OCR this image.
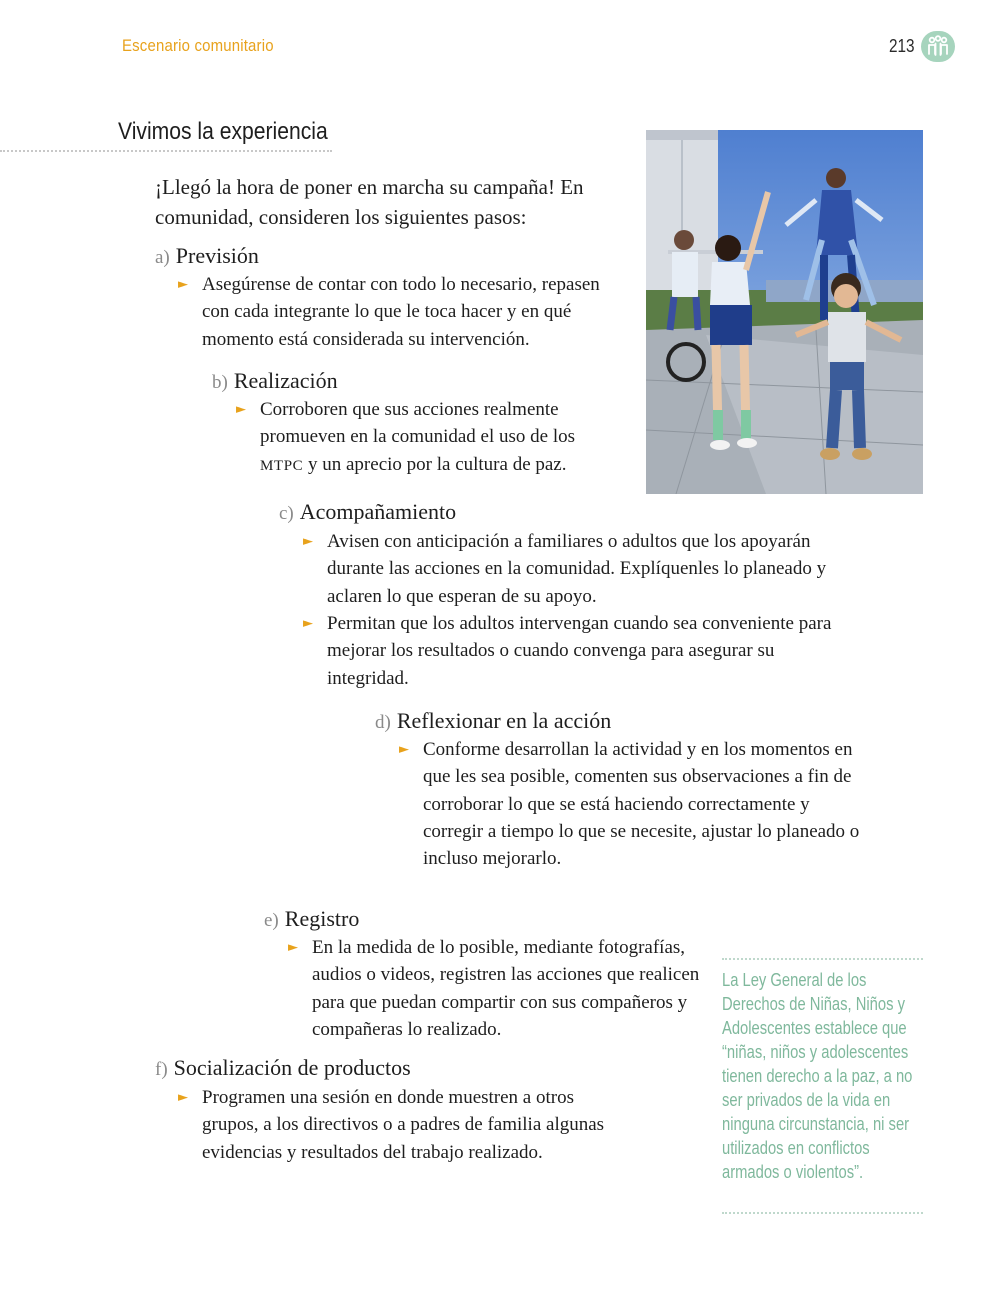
Escenario comunitario	213
Vivimos la experiencia
¡Llegó la hora de poner en marcha su campaña! En comunidad, consideren los siguientes pasos:
a) Previsión
► Asegúrense de contar con todo lo necesario, repasen con cada integrante lo que le toca hacer y en qué momento está considerada su intervención.
b) Realización
► Corroboren que sus acciones realmente promueven en la comunidad el uso de los MTPC y un aprecio por la cultura de paz.
c) Acompañamiento
► Avisen con anticipación a familiares o adultos que los apoyarán durante las acciones en la comunidad. Explíquenles lo planeado y aclaren lo que esperan de su apoyo.
► Permitan que los adultos intervengan cuando sea conveniente para mejorar los resultados o cuando convenga para asegurar su integridad.
d) Reflexionar en la acción
► Conforme desarrollan la actividad y en los momentos en que les sea posible, comenten sus observaciones a fin de corroborar lo que se está haciendo correctamente y corregir a tiempo lo que se necesite, ajustar lo planeado o incluso mejorarlo.
e) Registro
► En la medida de lo posible, mediante fotografías, audios o videos, registren las acciones que realicen para que puedan compartir con sus compañeros y compañeras lo realizado.
f) Socialización de productos
► Programen una sesión en donde muestren a otros grupos, a los directivos o a padres de familia algunas evidencias y resultados del trabajo realizado.
La Ley General de los Derechos de Niñas, Niños y Adolescentes establece que “niñas, niños y adolescentes tienen derecho a la paz, a no ser privados de la vida en ninguna circunstancia, ni ser utilizados en conflictos armados o violentos”.
